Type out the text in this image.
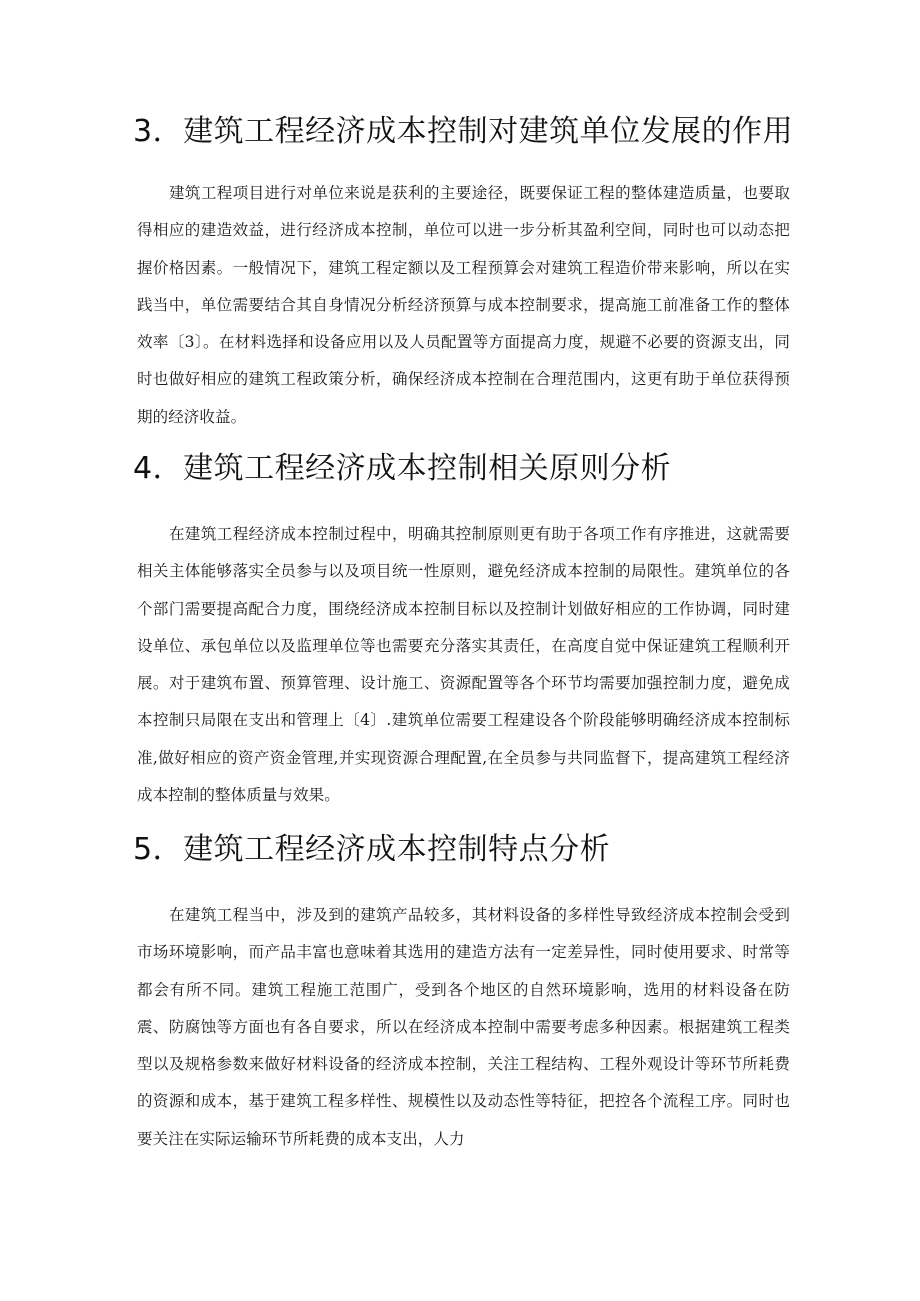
3．建筑工程经济成本控制对建筑单位发展的作用

建筑工程项目进行对单位来说是获利的主要途径，既要保证工程的整体建造质量，也要取得相应的建造效益，进行经济成本控制，单位可以进一步分析其盈利空间，同时也可以动态把握价格因素。一般情况下，建筑工程定额以及工程预算会对建筑工程造价带来影响，所以在实践当中，单位需要结合其自身情况分析经济预算与成本控制要求，提高施工前准备工作的整体效率〔3〕。在材料选择和设备应用以及人员配置等方面提高力度，规避不必要的资源支出，同时也做好相应的建筑工程政策分析，确保经济成本控制在合理范围内，这更有助于单位获得预期的经济收益。

4．建筑工程经济成本控制相关原则分析

在建筑工程经济成本控制过程中，明确其控制原则更有助于各项工作有序推进，这就需要相关主体能够落实全员参与以及项目统一性原则，避免经济成本控制的局限性。建筑单位的各个部门需要提高配合力度，围绕经济成本控制目标以及控制计划做好相应的工作协调，同时建设单位、承包单位以及监理单位等也需要充分落实其责任，在高度自觉中保证建筑工程顺利开展。对于建筑布置、预算管理、设计施工、资源配置等各个环节均需要加强控制力度，避免成本控制只局限在支出和管理上〔4〕.建筑单位需要工程建设各个阶段能够明确经济成本控制标准,做好相应的资产资金管理,并实现资源合理配置,在全员参与共同监督下，提高建筑工程经济成本控制的整体质量与效果。

5．建筑工程经济成本控制特点分析

在建筑工程当中，涉及到的建筑产品较多，其材料设备的多样性导致经济成本控制会受到市场环境影响，而产品丰富也意味着其选用的建造方法有一定差异性，同时使用要求、时常等都会有所不同。建筑工程施工范围广，受到各个地区的自然环境影响，选用的材料设备在防震、防腐蚀等方面也有各自要求，所以在经济成本控制中需要考虑多种因素。根据建筑工程类型以及规格参数来做好材料设备的经济成本控制，关注工程结构、工程外观设计等环节所耗费的资源和成本，基于建筑工程多样性、规模性以及动态性等特征，把控各个流程工序。同时也要关注在实际运输环节所耗费的成本支出，人力
